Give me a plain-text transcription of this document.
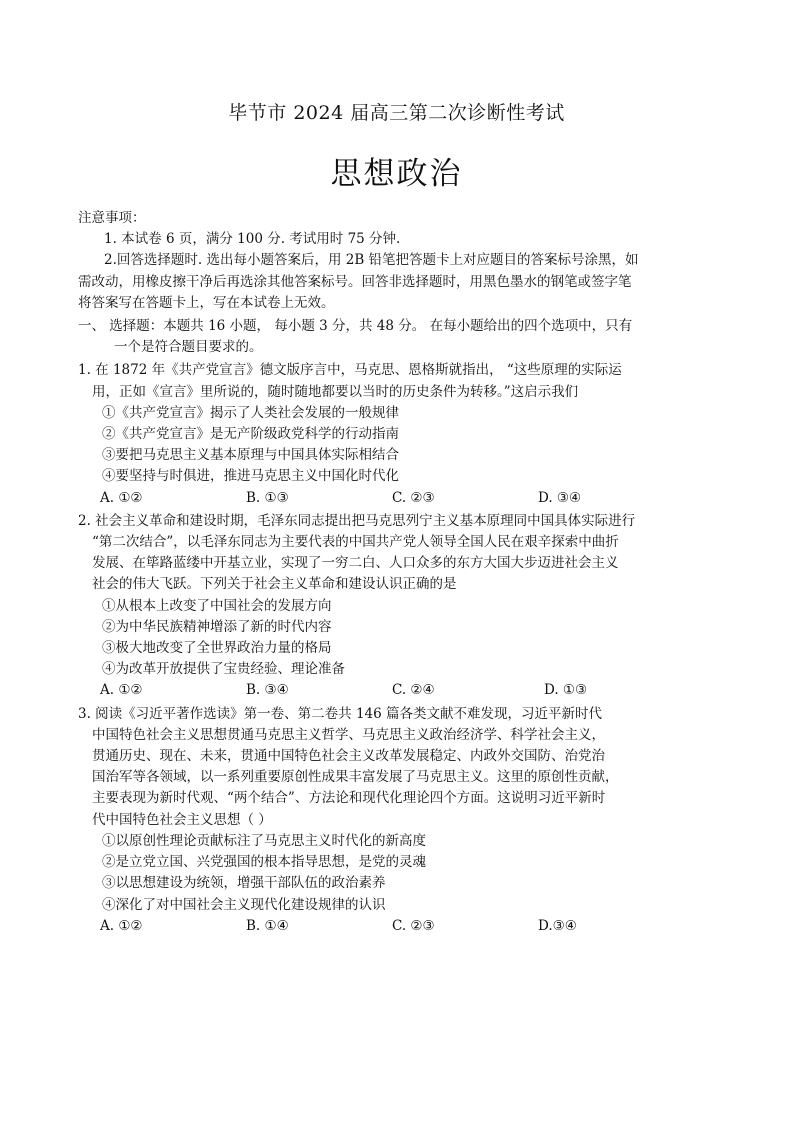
毕节市 2024 届高三第二次诊断性考试
思想政治
注意事项：
1. 本试卷 6 页，满分 100 分. 考试用时 75 分钟.
2.回答选择题时. 选出每小题答案后，用 2B 铅笔把答题卡上对应题目的答案标号涂黑，如
需改动，用橡皮擦干净后再选涂其他答案标号。回答非选择题时，用黑色墨水的钢笔或签字笔
将答案写在答题卡上，写在本试卷上无效。
一、 选择题：本题共 16 小题， 每小题 3 分，共 48 分。 在每小题给出的四个选项中，只有
一个是符合题目要求的。
1. 在 1872 年《共产党宣言》德文版序言中，马克思、恩格斯就指出， “这些原理的实际运
用，正如《宣言》里所说的，随时随地都要以当时的历史条件为转移。”这启示我们
①《共产党宣言》揭示了人类社会发展的一般规律
②《共产党宣言》是无产阶级政党科学的行动指南
③要把马克思主义基本原理与中国具体实际相结合
④要坚持与时俱进，推进马克思主义中国化时代化
A. ①②	B. ①③	C. ②③	D. ③④
2. 社会主义革命和建设时期，毛泽东同志提出把马克思列宁主义基本原理同中国具体实际进行
“第二次结合”，以毛泽东同志为主要代表的中国共产党人领导全国人民在艰辛探索中曲折
发展、在筚路蓝缕中开基立业，实现了一穷二白、人口众多的东方大国大步迈进社会主义
社会的伟大飞跃。下列关于社会主义革命和建设认识正确的是
①从根本上改变了中国社会的发展方向
②为中华民族精神增添了新的时代内容
③极大地改变了全世界政治力量的格局
④为改革开放提供了宝贵经验、理论准备
A. ①②	B. ③④	C. ②④	D. ①③
3. 阅读《习近平著作选读》第一卷、第二卷共 146 篇各类文献不难发现，习近平新时代
中国特色社会主义思想贯通马克思主义哲学、马克思主义政治经济学、科学社会主义，
贯通历史、现在、未来，贯通中国特色社会主义改革发展稳定、内政外交国防、治党治
国治军等各领域，以一系列重要原创性成果丰富发展了马克思主义。这里的原创性贡献，
主要表现为新时代观、“两个结合”、方法论和现代化理论四个方面。这说明习近平新时
代中国特色社会主义思想（ ）
①以原创性理论贡献标注了马克思主义时代化的新高度
②是立党立国、兴党强国的根本指导思想，是党的灵魂
③以思想建设为统领，增强干部队伍的政治素养
④深化了对中国社会主义现代化建设规律的认识
A. ①②	B. ①④	C. ②③	D.③④
